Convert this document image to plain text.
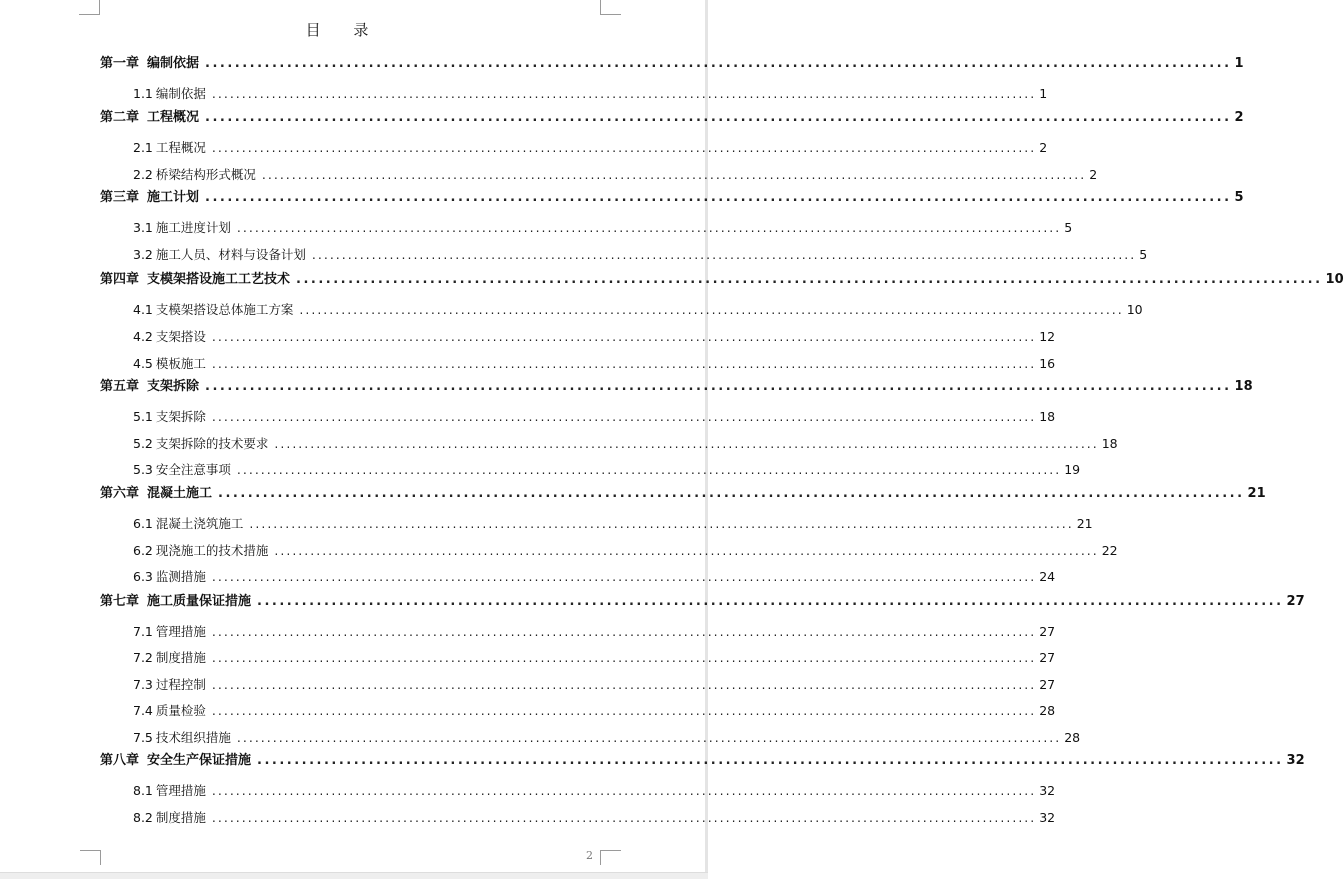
目 录
第一章 编制依据 .......................................................................................................................................... 1
1.1 编制依据 .......................................................................................................................................... 1
第二章 工程概况 .......................................................................................................................................... 2
2.1 工程概况 .......................................................................................................................................... 2
2.2 桥梁结构形式概况 .......................................................................................................................................... 2
第三章 施工计划 .......................................................................................................................................... 5
3.1 施工进度计划 .......................................................................................................................................... 5
3.2 施工人员、材料与设备计划 .......................................................................................................................................... 5
第四章 支模架搭设施工工艺技术 .......................................................................................................................................... 10
4.1 支模架搭设总体施工方案 .......................................................................................................................................... 10
4.2 支架搭设 .......................................................................................................................................... 12
4.5 模板施工 .......................................................................................................................................... 16
第五章 支架拆除 .......................................................................................................................................... 18
5.1 支架拆除 .......................................................................................................................................... 18
5.2 支架拆除的技术要求 .......................................................................................................................................... 18
5.3 安全注意事项 .......................................................................................................................................... 19
第六章 混凝土施工 .......................................................................................................................................... 21
6.1 混凝土浇筑施工 .......................................................................................................................................... 21
6.2 现浇施工的技术措施 .......................................................................................................................................... 22
6.3 监测措施 .......................................................................................................................................... 24
第七章 施工质量保证措施 .......................................................................................................................................... 27
7.1 管理措施 .......................................................................................................................................... 27
7.2 制度措施 .......................................................................................................................................... 27
7.3 过程控制 .......................................................................................................................................... 27
7.4 质量检验 .......................................................................................................................................... 28
7.5 技术组织措施 .......................................................................................................................................... 28
第八章 安全生产保证措施 .......................................................................................................................................... 32
8.1 管理措施 .......................................................................................................................................... 32
8.2 制度措施 .......................................................................................................................................... 32
2
